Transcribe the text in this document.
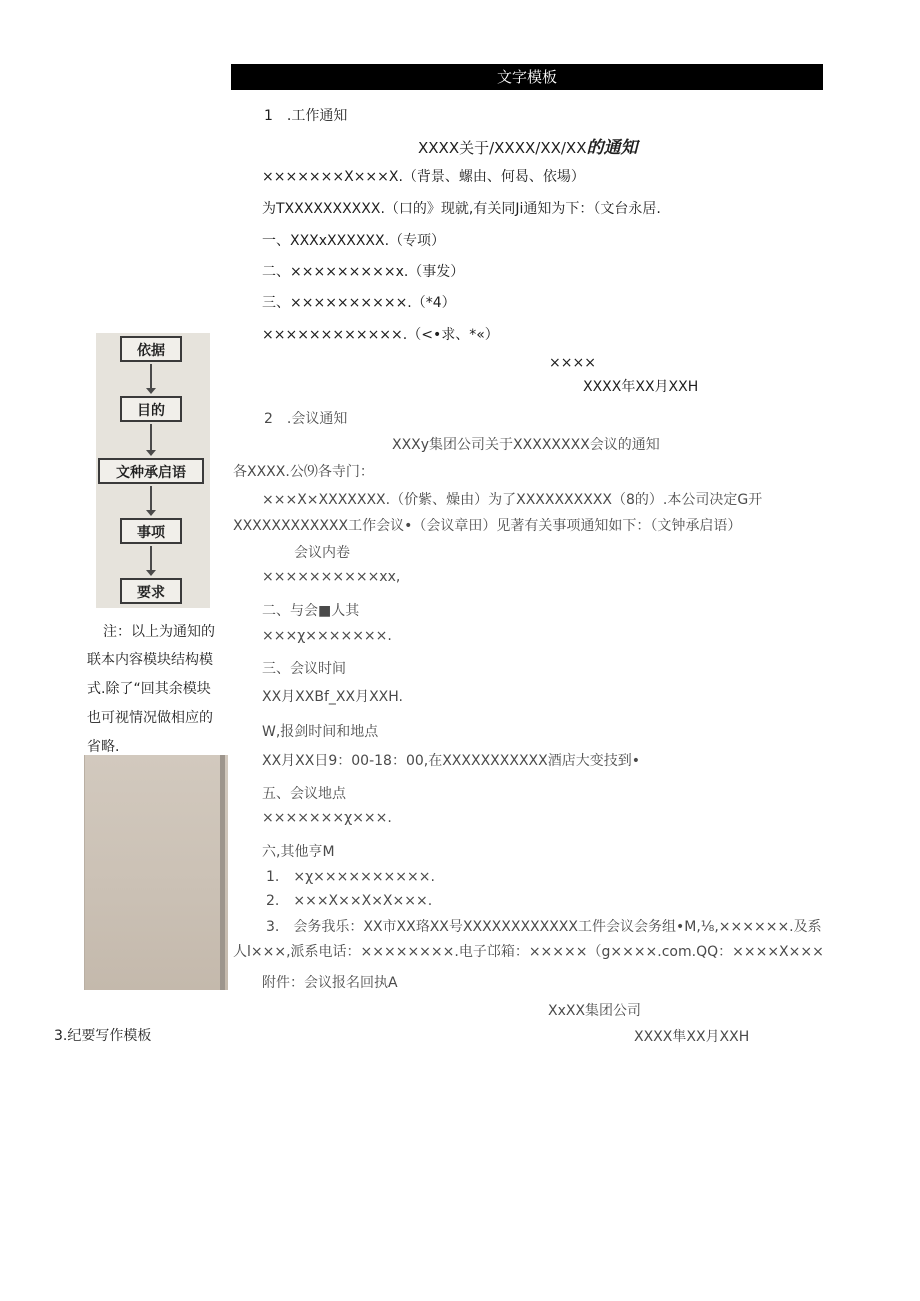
文字模板
1　.工作通知
XXXX关于/XXXX/XX/XX的通知
×××××××X×××X.（背景、螺由、何曷、依場）
为TXXXXXXXXXX.（口的》现就,有关同Ji通知为下：（文台永居.
一、XXXxXXXXXX.（专项）
二、×××××××××x.（事发）
三、××××××××××.（*4）
××××××××××××.（<•求、*«）
××××
XXXX年XX月XXH
2　.会议通知
XXXy集团公司关于XXXXXXXX会议的通知
各XXXX.公⑼各寺门：
×××X×XXXXXXX.（价紫、燥由）为了XXXXXXXXXX（8的）.本公司决定G开
XXXXXXXXXXXX工作会议•（会议章田）见著有关事项通知如下：（文钟承启语）
会议内卷
××××××××××xx,
二、与会■人其
×××χ×××××××.
三、会议时间
XX月XXBf_XX月XXH.
W,报剑时间和地点
XX月XX日9：00-18：00,在XXXXXXXXXXX酒店大变技到•
五、会议地点
×××××××χ×××.
六,其他亨M
1.　×χ××××××××××.
2.　×××X××X×X×××.
3.　会务我乐：XX市XX珞XX号XXXXXXXXXXXX工件会议会务组•M,⅛,××××××.及系
人l×××,派系电话：××××××××.电子邙箱：×××××（g××××.com.QQ：××××X×××
附件：会议报名回执A
XxXX集团公司
XXXX隼XX月XXH
3.纪要写作模板
依据
目的
文种承启语
事项
要求
注：以上为通知的
联本内容模块结构模
式.除了“回其余模块
也可视情况做相应的
省略.
